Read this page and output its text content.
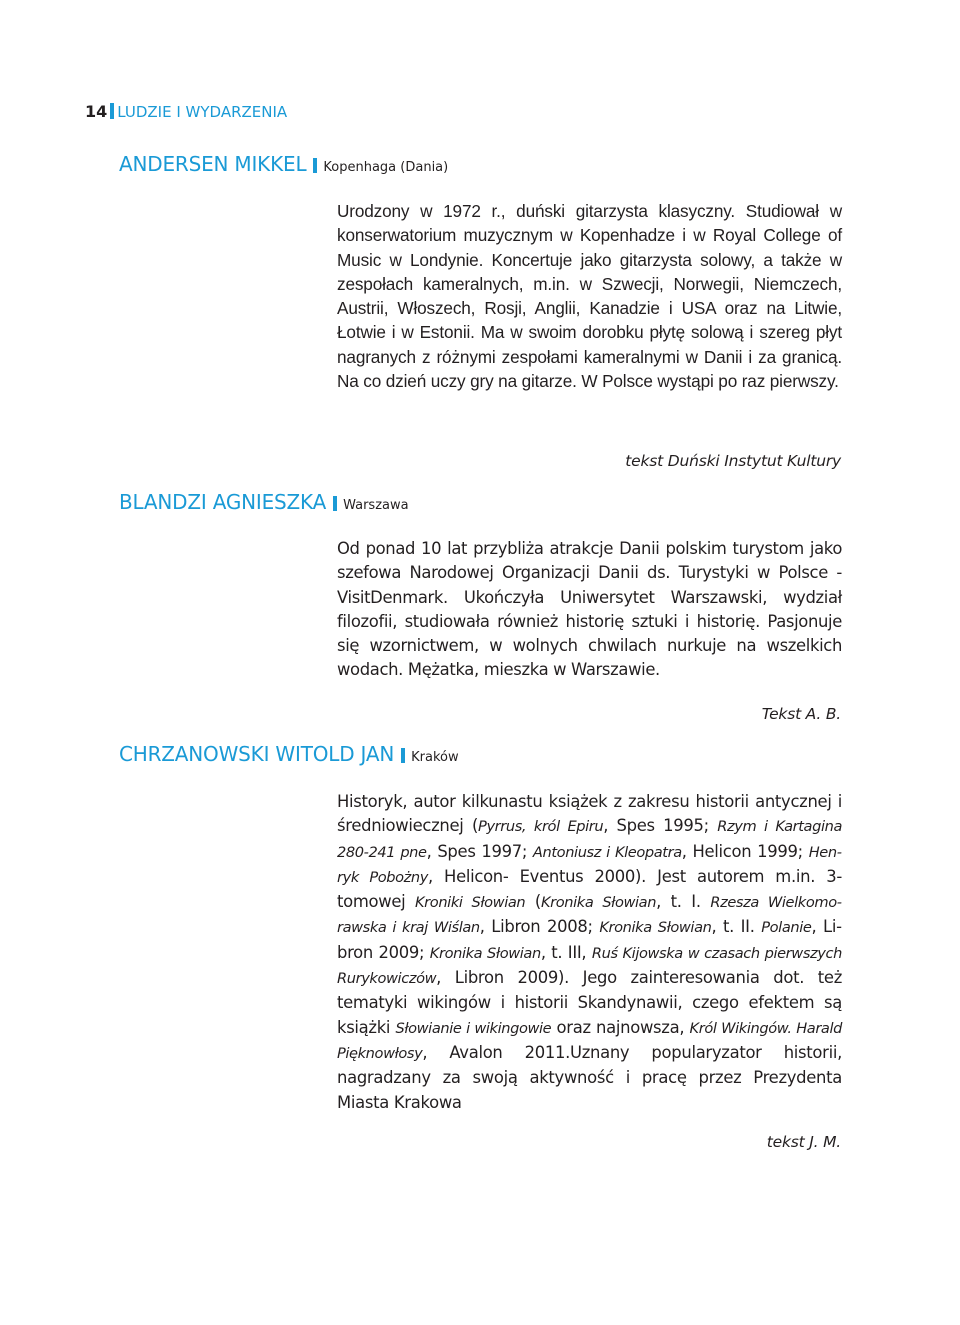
14 LUDZIE I WYDARZENIA
ANDERSEN MIKKEL Kopenhaga (Dania)

Urodzony w 1972 r., duński gitarzysta klasyczny. Studiował w konserwatorium muzycznym w Kopenhadze i w Royal College of Music w Londynie. Koncertuje jako gitarzysta solowy, a także w zespołach kameralnych, m.in. w Szwecji, Norwegii, Niemczech, Austrii, Włoszech, Rosji, Anglii, Kanadzie i USA oraz na Litwie, Łotwie i w Estonii. Ma w swoim dorobku płytę solową i szereg płyt nagranych z różnymi zespołami kameralnymi w Danii i za granicą. Na co dzień uczy gry na gitarze. W Polsce wystąpi po raz pierwszy.

tekst Duński Instytut Kultury
BLANDZI AGNIESZKA Warszawa

Od ponad 10 lat przybliża atrakcje Danii polskim turystom jako szefowa Narodowej Organizacji Danii ds. Turystyki w Polsce - VisitDenmark. Ukończyła Uniwersytet Warszawski, wydział filozofii, studiowała również historię sztuki i historię. Pasjonuje się wzornictwem, w wolnych chwilach nurkuje na wszelkich wodach. Mężatka, mieszka w Warszawie.

Tekst A. B.
CHRZANOWSKI WITOLD JAN Kraków

Historyk, autor kilkunastu książek z zakresu historii antycznej i średniowiecznej (Pyrrus, król Epiru, Spes 1995; Rzym i Kartagina 280-241 pne, Spes 1997; Antoniusz i Kleopatra, Helicon 1999; Henryk Pobożny, Helicon- Eventus 2000). Jest autorem m.in. 3-tomowej Kroniki Słowian (Kronika Słowian, t. I. Rzesza Wielkomorawska i kraj Wiślan, Libron 2008; Kronika Słowian, t. II. Polanie, Libron 2009; Kronika Słowian, t. III, Ruś Kijowska w czasach pierwszych Rurykowiczów, Libron 2009). Jego zainteresowania dot. też tematyki wikingów i historii Skandynawii, czego efektem są książki Słowianie i wikingowie oraz najnowsza, Król Wikingów. Harald Pięknowłosy, Avalon 2011.Uznany popularyzator historii, nagradzany za swoją aktywność i pracę przez Prezydenta Miasta Krakowa

tekst J. M.
